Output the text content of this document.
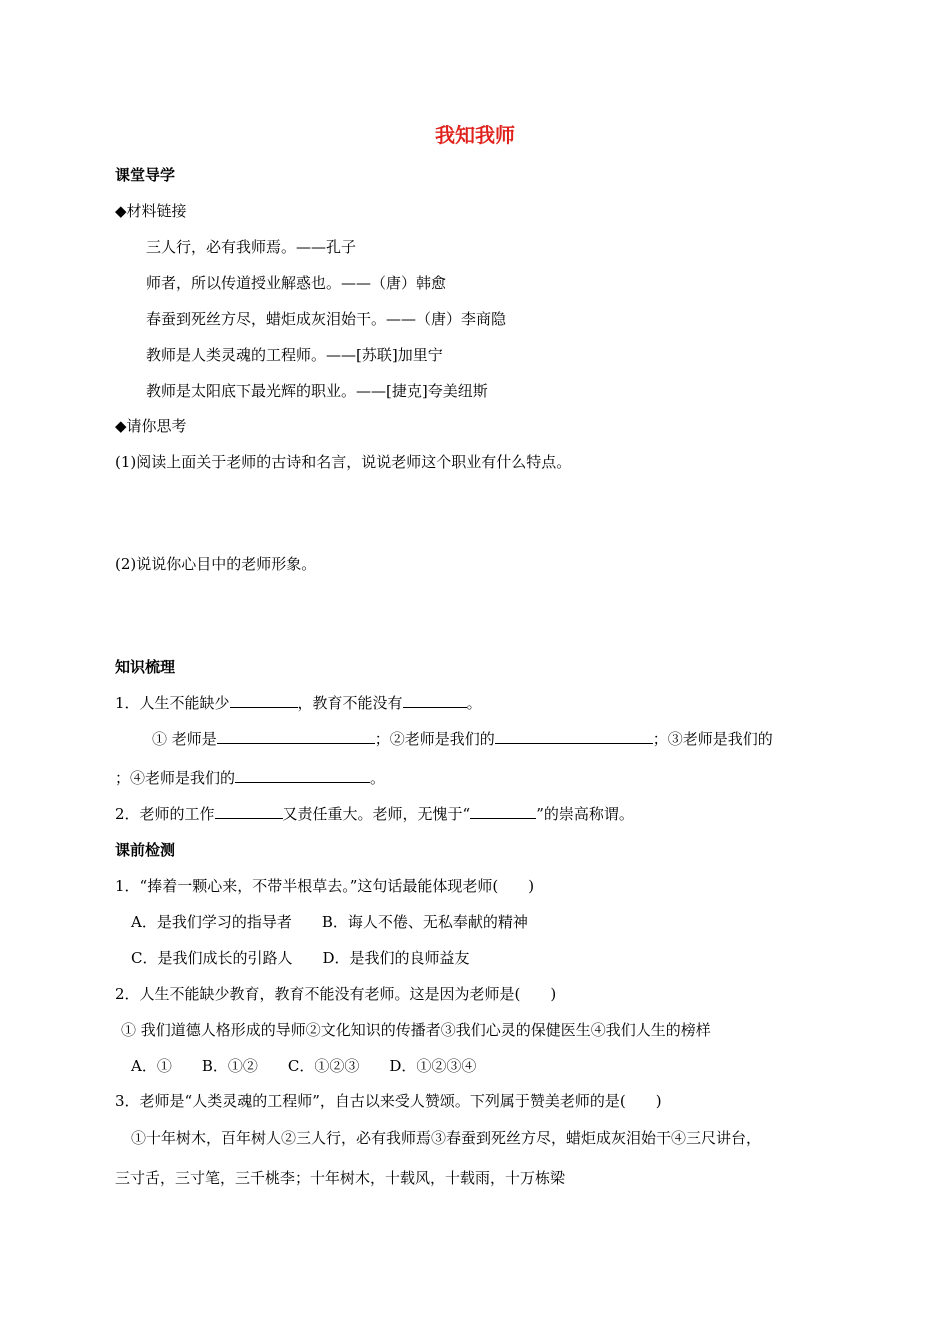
我知我师
课堂导学
◆材料链接
三人行，必有我师焉。——孔子
师者，所以传道授业解惑也。——（唐）韩愈
春蚕到死丝方尽，蜡炬成灰泪始干。——（唐）李商隐
教师是人类灵魂的工程师。——[苏联]加里宁
教师是太阳底下最光辉的职业。——[捷克]夸美纽斯
◆请你思考
(1)阅读上面关于老师的古诗和名言，说说老师这个职业有什么特点。
(2)说说你心目中的老师形象。
知识梳理
1．人生不能缺少	，教育不能没有	。
① 老师是	；②老师是我们的	；③老师是我们的
；④老师是我们的	。
2．老师的工作	又责任重大。老师，无愧于“	”的崇高称谓。
课前检测
1．“捧着一颗心来，不带半根草去。”这句话最能体现老师(　　)
A．是我们学习的指导者　　B．诲人不倦、无私奉献的精神
C．是我们成长的引路人　　D．是我们的良师益友
2．人生不能缺少教育，教育不能没有老师。这是因为老师是(　　)
① 我们道德人格形成的导师②文化知识的传播者③我们心灵的保健医生④我们人生的榜样
A．①　　B．①②　　C．①②③　　D．①②③④
3．老师是“人类灵魂的工程师”，自古以来受人赞颂。下列属于赞美老师的是(　　)
①十年树木，百年树人②三人行，必有我师焉③春蚕到死丝方尽，蜡炬成灰泪始干④三尺讲台，
三寸舌，三寸笔，三千桃李；十年树木，十载风，十载雨，十万栋梁
